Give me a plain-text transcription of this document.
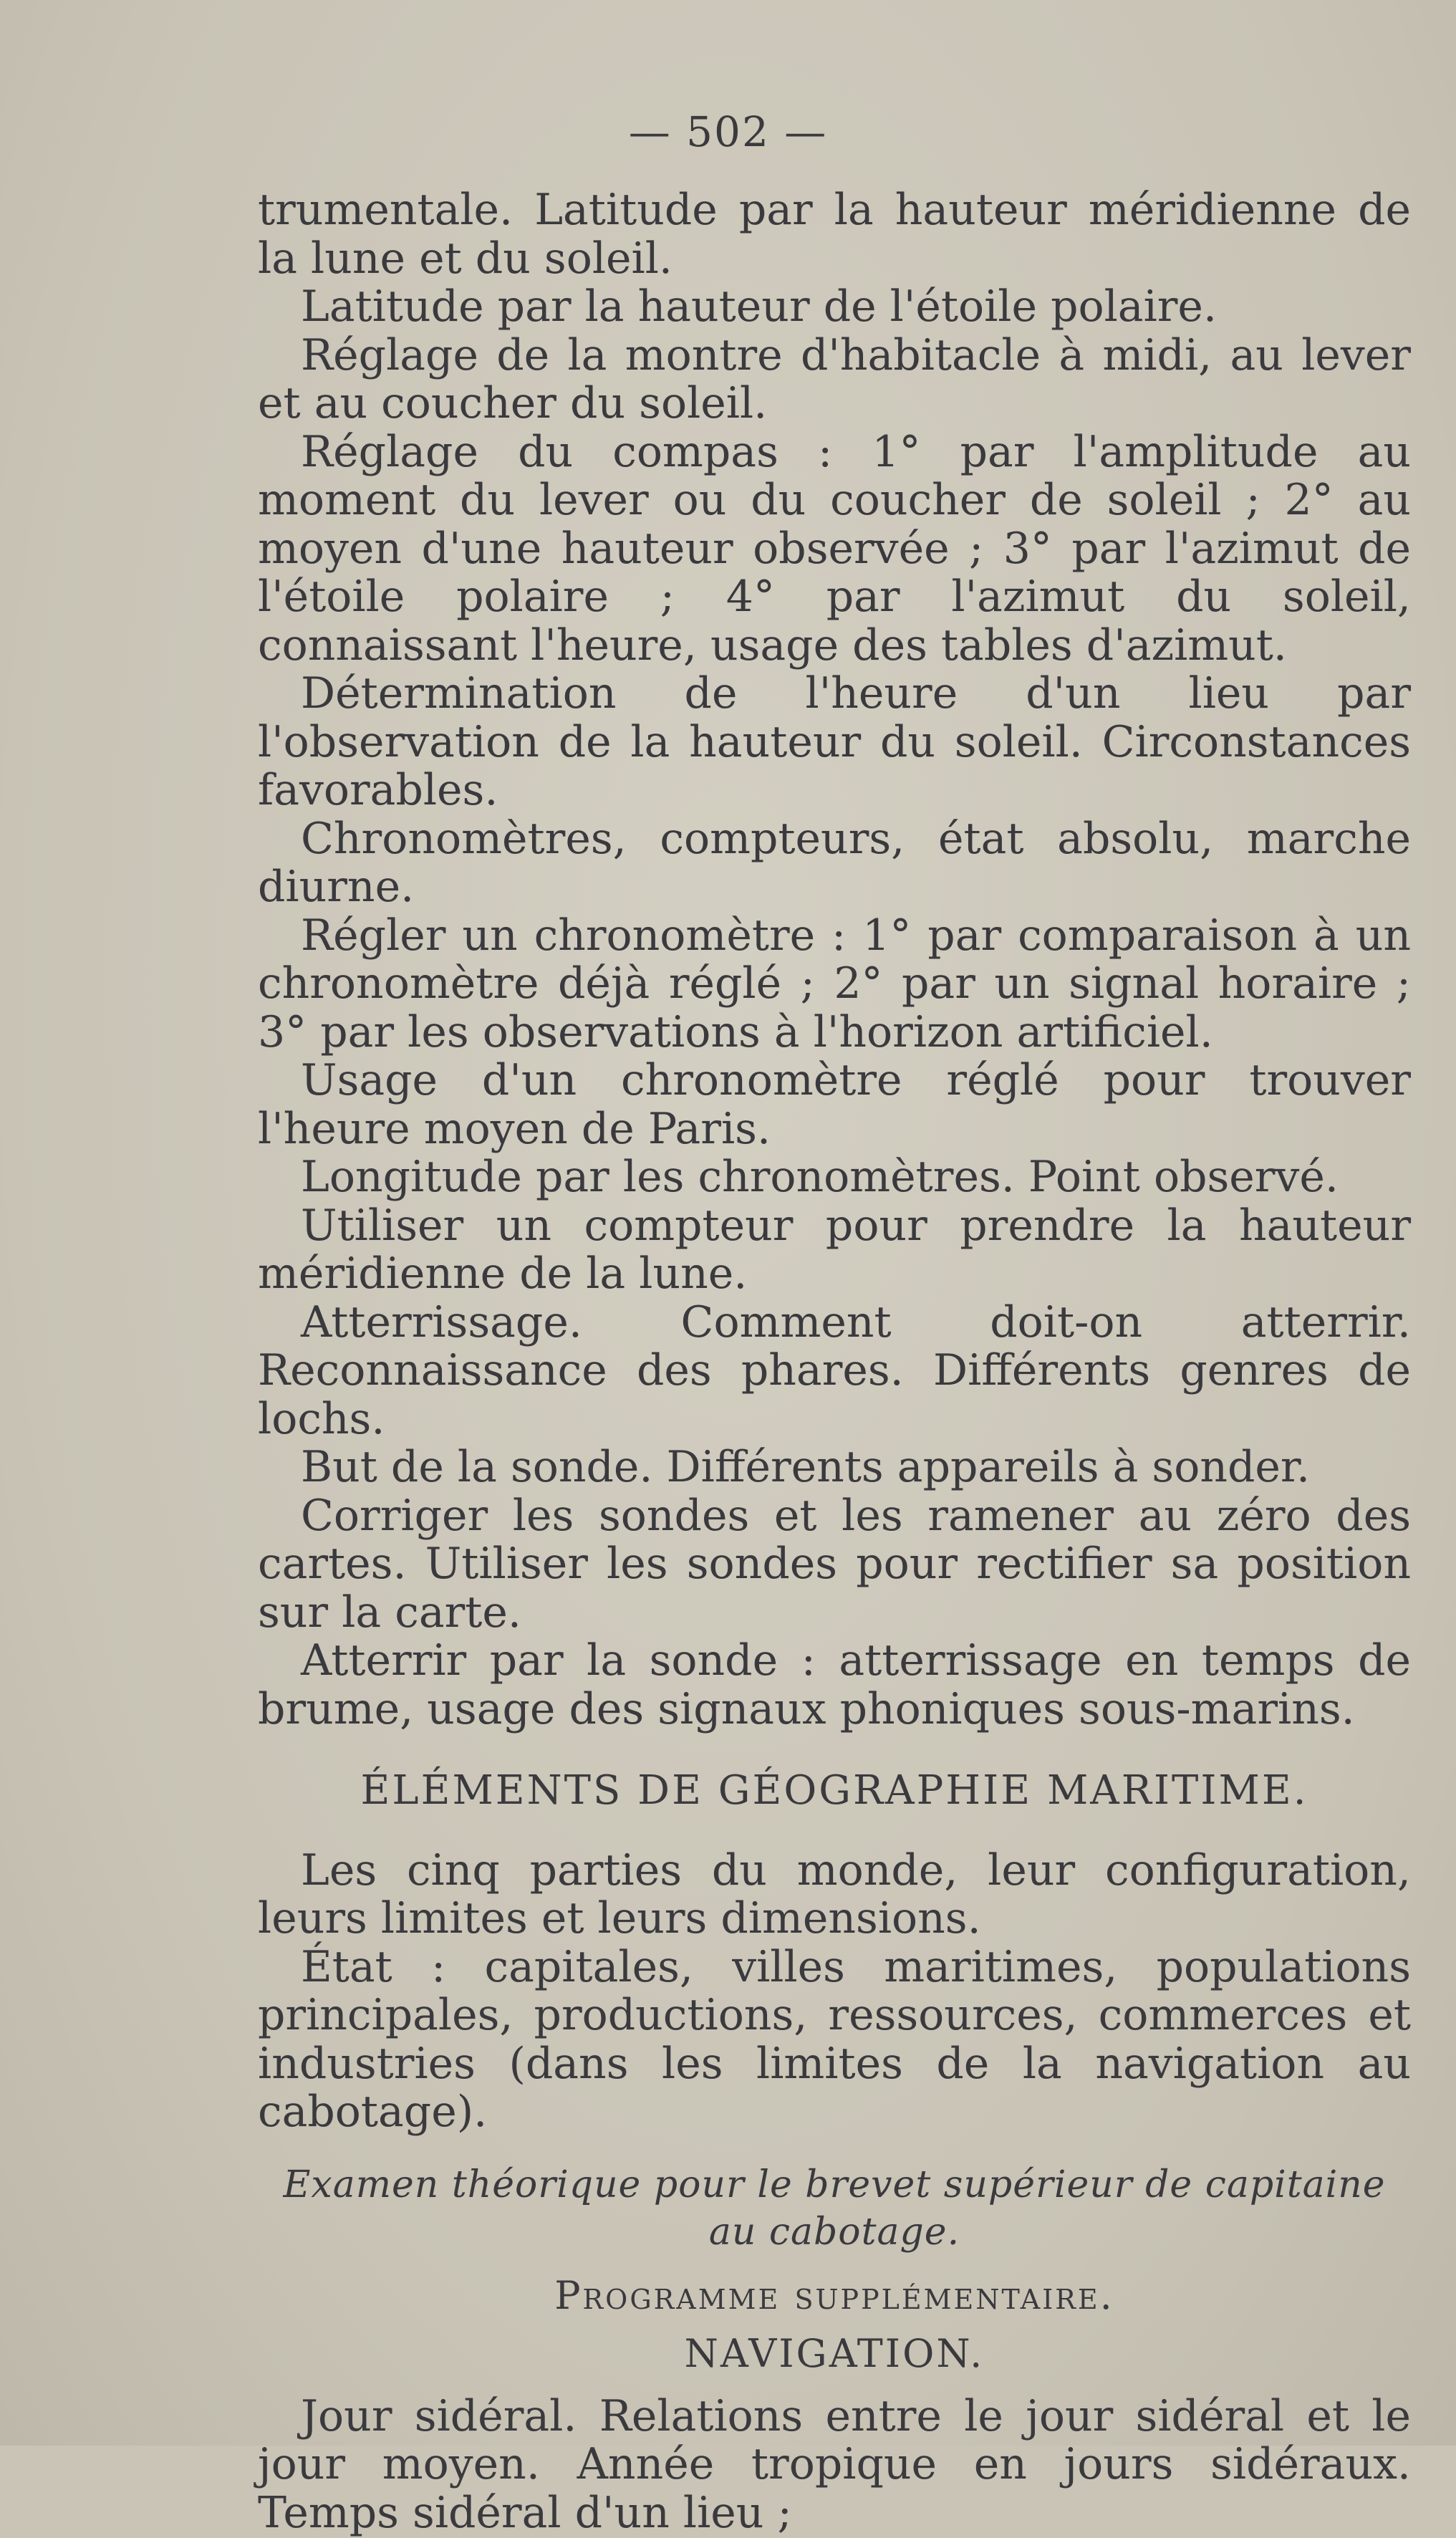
— 502 —

trumentale. Latitude par la hauteur méridienne de la lune et du soleil.

Latitude par la hauteur de l'étoile polaire.

Réglage de la montre d'habitacle à midi, au lever et au coucher du soleil.

Réglage du compas : 1° par l'amplitude au moment du lever ou du coucher de soleil ; 2° au moyen d'une hauteur observée ; 3° par l'azimut de l'étoile polaire ; 4° par l'azimut du soleil, connaissant l'heure, usage des tables d'azimut.

Détermination de l'heure d'un lieu par l'observation de la hauteur du soleil. Circonstances favorables.

Chronomètres, compteurs, état absolu, marche diurne.

Régler un chronomètre : 1° par comparaison à un chronomètre déjà réglé ; 2° par un signal horaire ; 3° par les observations à l'horizon artificiel.

Usage d'un chronomètre réglé pour trouver l'heure moyen de Paris.

Longitude par les chronomètres. Point observé.

Utiliser un compteur pour prendre la hauteur méridienne de la lune.

Atterrissage. Comment doit-on atterrir. Reconnaissance des phares. Différents genres de lochs.

But de la sonde. Différents appareils à sonder.

Corriger les sondes et les ramener au zéro des cartes. Utiliser les sondes pour rectifier sa position sur la carte.

Atterrir par la sonde : atterrissage en temps de brume, usage des signaux phoniques sous-marins.

ÉLÉMENTS DE GÉOGRAPHIE MARITIME.

Les cinq parties du monde, leur configuration, leurs limites et leurs dimensions.

État : capitales, villes maritimes, populations principales, productions, ressources, commerces et industries (dans les limites de la navigation au cabotage).

Examen théorique pour le brevet supérieur de capitaine au cabotage.
Programme supplémentaire.
NAVIGATION.

Jour sidéral. Relations entre le jour sidéral et le jour moyen. Année tropique en jours sidéraux. Temps sidéral d'un lieu ;
